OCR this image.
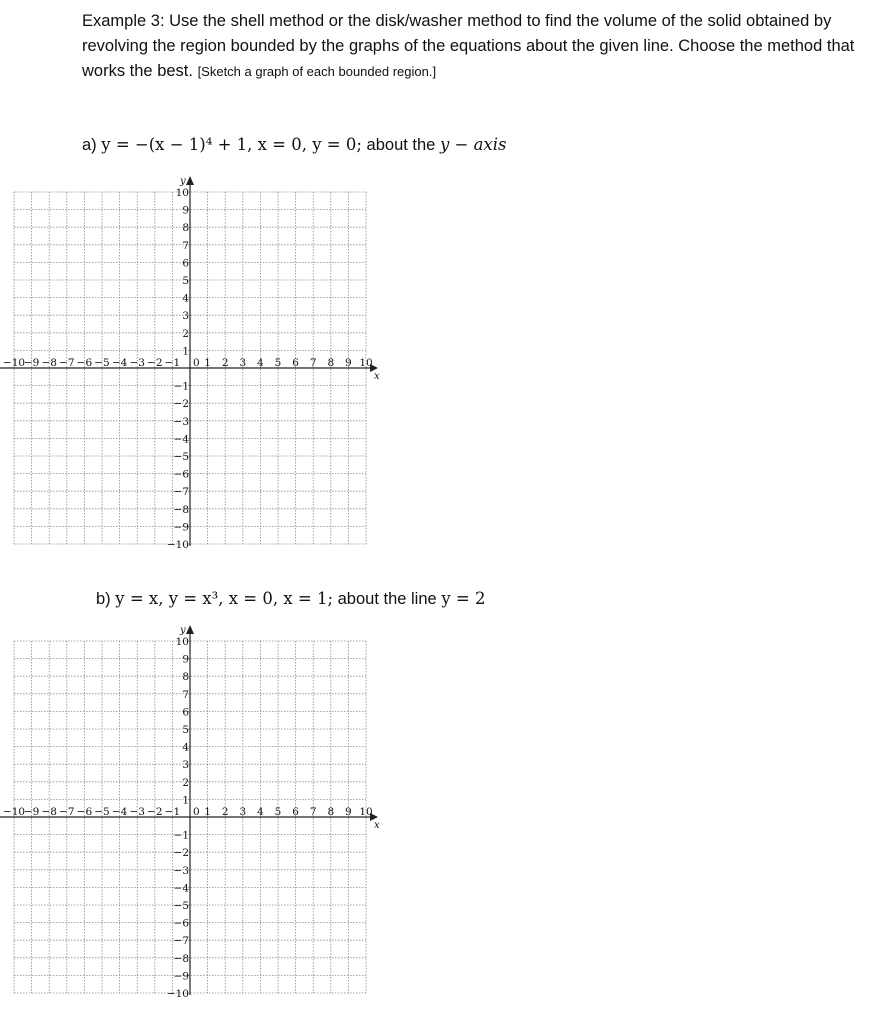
Example 3: Use the shell method or the disk/washer method to find the volume of the solid obtained by revolving the region bounded by the graphs of the equations about the given line. Choose the method that works the best. [Sketch a graph of each bounded region.]
a) y = −(x − 1)⁴ + 1, x = 0, y = 0; about the y − axis
x
y
0
−10
−9 −8 −7 −6 −5 −4 −3 −2 −1 1 2 3 4 5 6 7 8 9 10
10
9
8
7
6
5
4
3
2
1
−1
−2
−3
−4
−5
−6
−7
−8
−9
−10
b) y = x, y = x³, x = 0, x = 1; about the line y = 2
x
y
0
−10
−9 −8 −7 −6 −5 −4 −3 −2 −1 1 2 3 4 5 6 7 8 9 10
10
9
8
7
6
5
4
3
2
1
−1
−2
−3
−4
−5
−6
−7
−8
−9
−10
